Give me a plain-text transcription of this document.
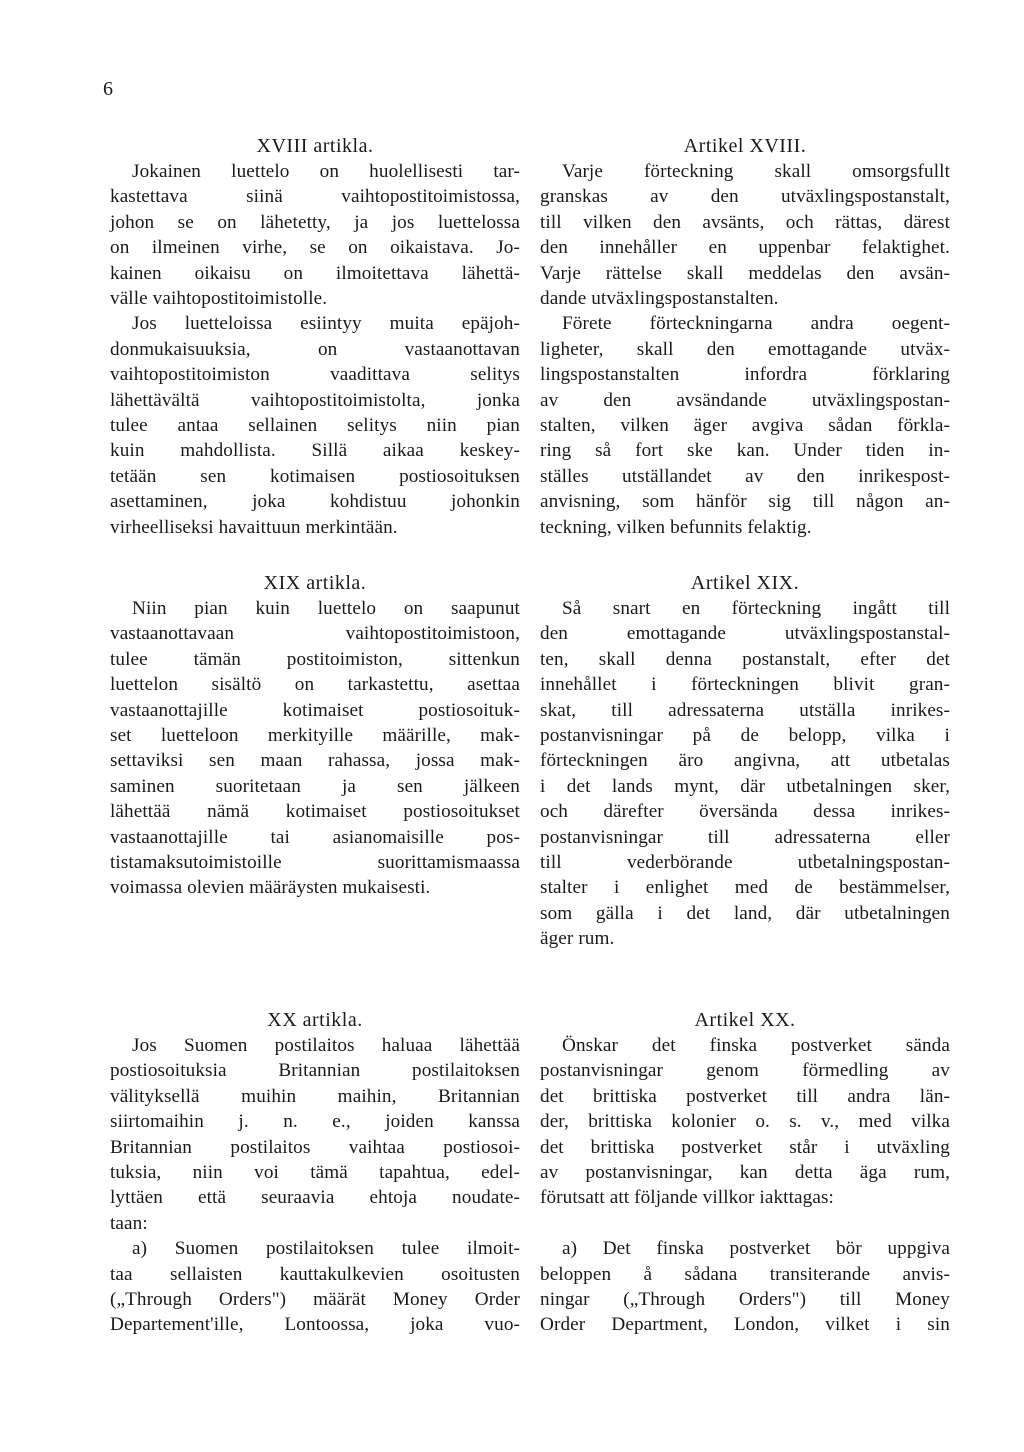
6
XVIII artikla.
Jokainen luettelo on huolellisesti tar-
kastettava siinä vaihtopostitoimistossa,
johon se on lähetetty, ja jos luettelossa
on ilmeinen virhe, se on oikaistava. Jo-
kainen oikaisu on ilmoitettava lähettä-
välle vaihtopostitoimistolle.
Jos luetteloissa esiintyy muita epäjoh-
donmukaisuuksia, on vastaanottavan
vaihtopostitoimiston vaadittava selitys
lähettävältä vaihtopostitoimistolta, jonka
tulee antaa sellainen selitys niin pian
kuin mahdollista. Sillä aikaa keskey-
tetään sen kotimaisen postiosoituksen
asettaminen, joka kohdistuu johonkin
virheelliseksi havaittuun merkintään.
XIX artikla.
Niin pian kuin luettelo on saapunut
vastaanottavaan vaihtopostitoimistoon,
tulee tämän postitoimiston, sittenkun
luettelon sisältö on tarkastettu, asettaa
vastaanottajille kotimaiset postiosoituk-
set luetteloon merkityille määrille, mak-
settaviksi sen maan rahassa, jossa mak-
saminen suoritetaan ja sen jälkeen
lähettää nämä kotimaiset postiosoitukset
vastaanottajille tai asianomaisille pos-
tistamaksutoimistoille suorittamismaassa
voimassa olevien määräysten mukaisesti.
XX artikla.
Jos Suomen postilaitos haluaa lähettää
postiosoituksia Britannian postilaitoksen
välityksellä muihin maihin, Britannian
siirtomaihin j. n. e., joiden kanssa
Britannian postilaitos vaihtaa postiosoi-
tuksia, niin voi tämä tapahtua, edel-
lyttäen että seuraavia ehtoja noudate-
taan:
a) Suomen postilaitoksen tulee ilmoit-
taa sellaisten kauttakulkevien osoitusten
(„Through Orders") määrät Money Order
Departement'ille, Lontoossa, joka vuo-
Artikel XVIII.
Varje förteckning skall omsorgsfullt
granskas av den utväxlingspostanstalt,
till vilken den avsänts, och rättas, därest
den innehåller en uppenbar felaktighet.
Varje rättelse skall meddelas den avsän-
dande utväxlingspostanstalten.
Förete förteckningarna andra oegent-
ligheter, skall den emottagande utväx-
lingspostanstalten infordra förklaring
av den avsändande utväxlingspostan-
stalten, vilken äger avgiva sådan förkla-
ring så fort ske kan. Under tiden in-
ställes utställandet av den inrikespost-
anvisning, som hänför sig till någon an-
teckning, vilken befunnits felaktig.
Artikel XIX.
Så snart en förteckning ingått till
den emottagande utväxlingspostanstal-
ten, skall denna postanstalt, efter det
innehållet i förteckningen blivit gran-
skat, till adressaterna utställa inrikes-
postanvisningar på de belopp, vilka i
förteckningen äro angivna, att utbetalas
i det lands mynt, där utbetalningen sker,
och därefter översända dessa inrikes-
postanvisningar till adressaterna eller
till vederbörande utbetalningspostan-
stalter i enlighet med de bestämmelser,
som gälla i det land, där utbetalningen
äger rum.
Artikel XX.
Önskar det finska postverket sända
postanvisningar genom förmedling av
det brittiska postverket till andra län-
der, brittiska kolonier o. s. v., med vilka
det brittiska postverket står i utväxling
av postanvisningar, kan detta äga rum,
förutsatt att följande villkor iakttagas:

a) Det finska postverket bör uppgiva
beloppen å sådana transiterande anvis-
ningar („Through Orders") till Money
Order Department, London, vilket i sin
